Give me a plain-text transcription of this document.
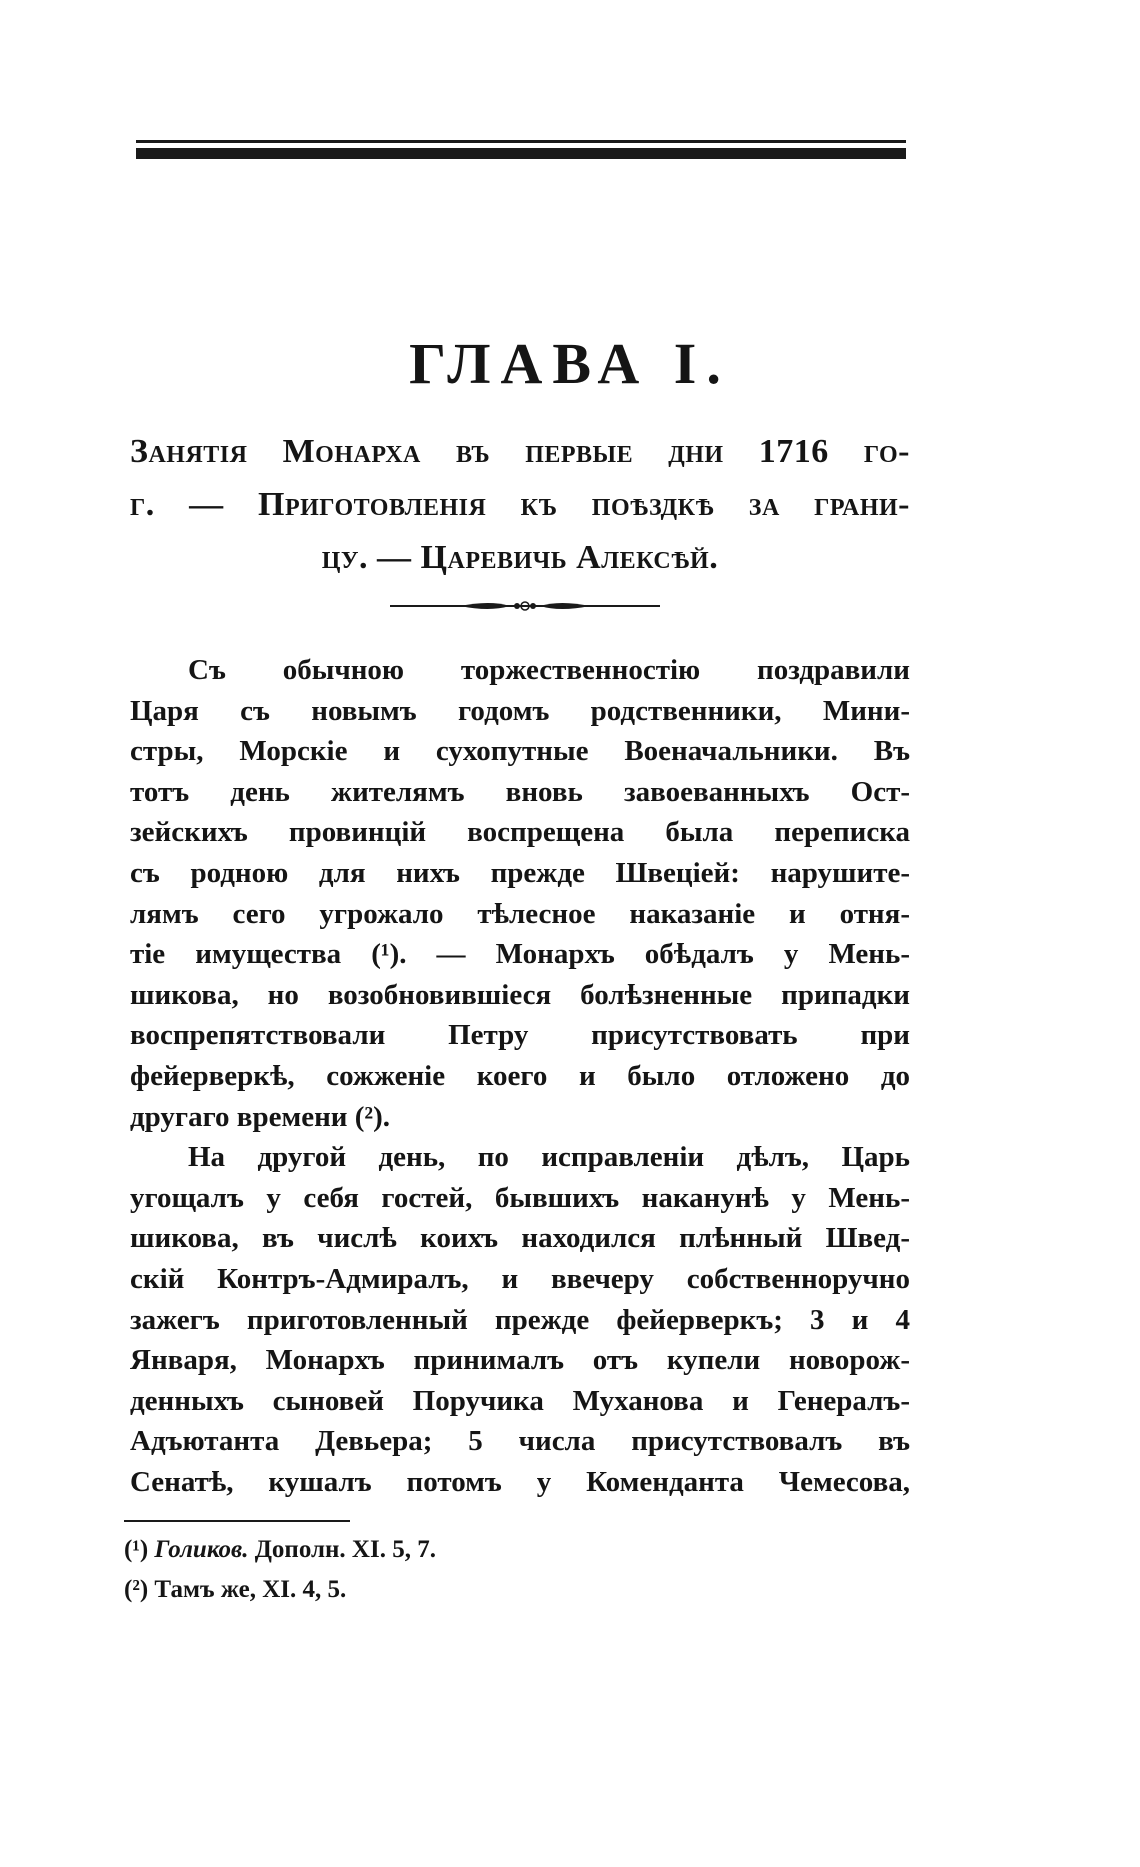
ГЛАВА I.
Занятія Монарха въ первые дни 1716 го-
г. — Приготовленія къ поѣздкѣ за грани-
цу. — Царевичь Алексѣй.
Съ обычною торжественностію поздравили
Царя съ новымъ годомъ родственники, Мини-
стры, Морскіе и сухопутные Военачальники. Въ
тотъ день жителямъ вновь завоеванныхъ Ост-
зейскихъ провинцій воспрещена была переписка
съ родною для нихъ прежде Швеціей: нарушите-
лямъ сего угрожало тѣлесное наказаніе и отня-
тіе имущества (¹). — Монархъ обѣдалъ у Мень-
шикова, но возобновившіеся болѣзненные припадки
воспрепятствовали Петру присутствовать при
фейерверкѣ, сожженіе коего и было отложено до
другаго времени (²).
На другой день, по исправленіи дѣлъ, Царь
угощалъ у себя гостей, бывшихъ наканунѣ у Мень-
шикова, въ числѣ коихъ находился плѣнный Швед-
скій Контръ-Адмиралъ, и ввечеру собственноручно
зажегъ приготовленный прежде фейерверкъ; 3 и 4
Января, Монархъ принималъ отъ купели новорож-
денныхъ сыновей Поручика Муханова и Генералъ-
Адъютанта Девьера; 5 числа присутствовалъ въ
Сенатѣ, кушалъ потомъ у Коменданта Чемесова,
(¹) Голиков. Дополн. XI. 5, 7.
(²) Тамъ же, XI. 4, 5.
